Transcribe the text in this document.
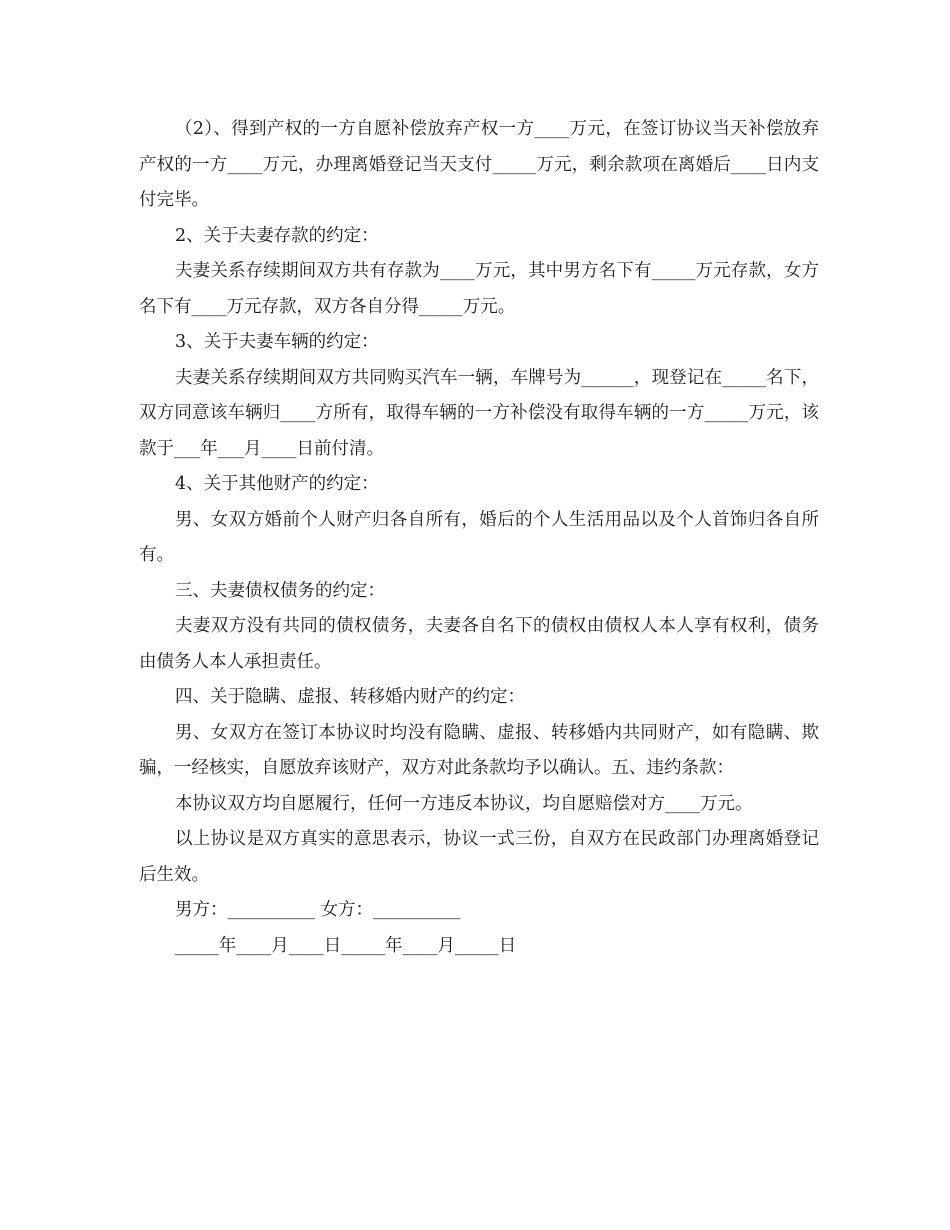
（2）、得到产权的一方自愿补偿放弃产权一方____万元，在签订协议当天补偿放弃产权的一方____万元，办理离婚登记当天支付_____万元，剩余款项在离婚后____日内支付完毕。

2、关于夫妻存款的约定：

夫妻关系存续期间双方共有存款为____万元，其中男方名下有_____万元存款，女方名下有____万元存款，双方各自分得_____万元。

3、关于夫妻车辆的约定：

夫妻关系存续期间双方共同购买汽车一辆，车牌号为______，现登记在_____名下，双方同意该车辆归____方所有，取得车辆的一方补偿没有取得车辆的一方_____万元，该款于___年___月____日前付清。

4、关于其他财产的约定：

男、女双方婚前个人财产归各自所有，婚后的个人生活用品以及个人首饰归各自所有。

三、夫妻债权债务的约定：

夫妻双方没有共同的债权债务，夫妻各自名下的债权由债权人本人享有权利，债务由债务人本人承担责任。

四、关于隐瞒、虚报、转移婚内财产的约定：

男、女双方在签订本协议时均没有隐瞒、虚报、转移婚内共同财产，如有隐瞒、欺骗，一经核实，自愿放弃该财产，双方对此条款均予以确认。五、违约条款：

本协议双方均自愿履行，任何一方违反本协议，均自愿赔偿对方____万元。

以上协议是双方真实的意思表示，协议一式三份，自双方在民政部门办理离婚登记后生效。

男方：__________ 女方：__________

_____年____月____日_____年____月_____日
